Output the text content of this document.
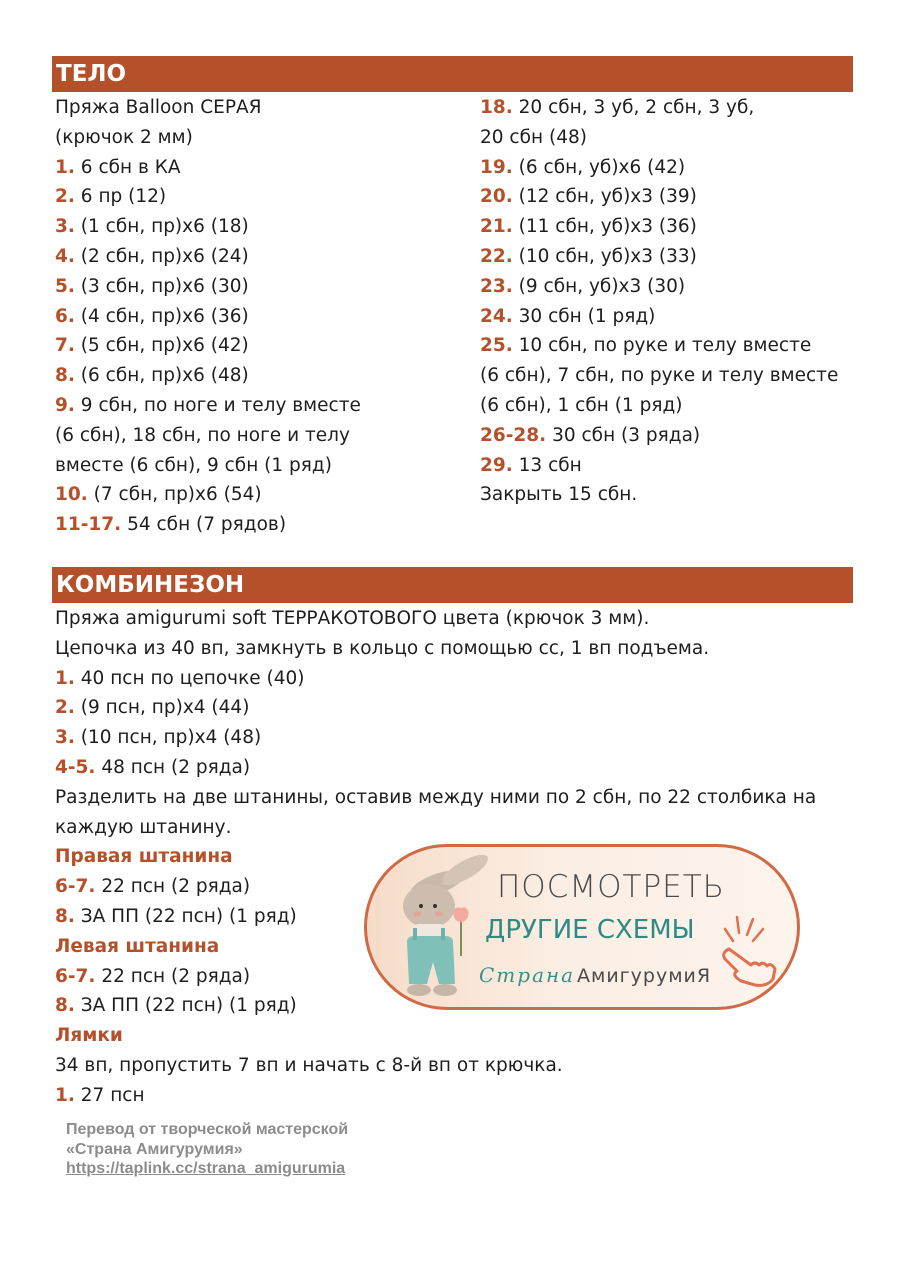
ТЕЛО
Пряжа Balloon СЕРАЯ
(крючок 2 мм)
1. 6 сбн в КА
2. 6 пр (12)
3. (1 сбн, пр)х6 (18)
4. (2 сбн, пр)х6 (24)
5. (3 сбн, пр)х6 (30)
6. (4 сбн, пр)х6 (36)
7. (5 сбн, пр)х6 (42)
8. (6 сбн, пр)х6 (48)
9. 9 сбн, по ноге и телу вместе
(6 сбн), 18 сбн, по ноге и телу
вместе (6 сбн), 9 сбн (1 ряд)
10. (7 сбн, пр)х6 (54)
11-17. 54 сбн (7 рядов)
18. 20 сбн, 3 уб, 2 сбн, 3 уб,
20 сбн (48)
19. (6 сбн, уб)х6 (42)
20. (12 сбн, уб)х3 (39)
21. (11 сбн, уб)х3 (36)
22. (10 сбн, уб)х3 (33)
23. (9 сбн, уб)х3 (30)
24. 30 сбн (1 ряд)
25. 10 сбн, по руке и телу вместе
(6 сбн), 7 сбн, по руке и телу вместе
(6 сбн), 1 сбн (1 ряд)
26-28. 30 сбн (3 ряда)
29. 13 сбн
Закрыть 15 сбн.
КОМБИНЕЗОН
Пряжа amigurumi soft ТЕРРАКОТОВОГО цвета (крючок 3 мм).
Цепочка из 40 вп, замкнуть в кольцо с помощью сс, 1 вп подъема.
1. 40 псн по цепочке (40)
2. (9 псн, пр)х4 (44)
3. (10 псн, пр)х4 (48)
4-5. 48 псн (2 ряда)
Разделить на две штанины, оставив между ними по 2 сбн, по 22 столбика на
каждую штанину.
Правая штанина
6-7. 22 псн (2 ряда)
8. ЗА ПП (22 псн) (1 ряд)
Левая штанина
6-7. 22 псн (2 ряда)
8. ЗА ПП (22 псн) (1 ряд)
Лямки
34 вп, пропустить 7 вп и начать с 8-й вп от крючка.
1. 27 псн
ПОСМОТРЕТЬ
ДРУГИЕ СХЕМЫ
Страна АмигурумиЯ
Перевод от творческой мастерской
«Страна Амигурумия»
https://taplink.cc/strana_amigurumia
